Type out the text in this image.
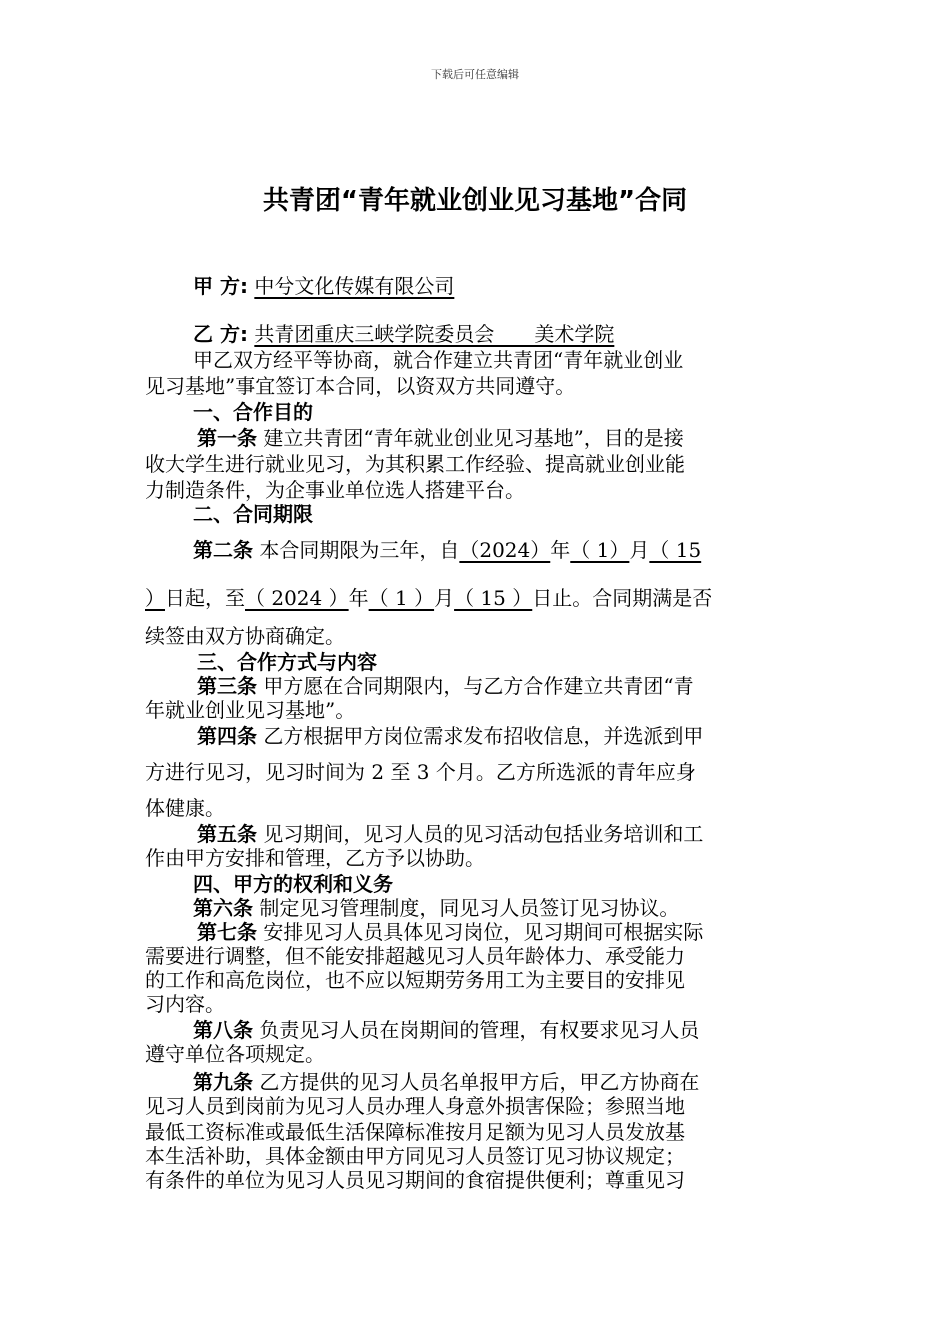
下载后可任意编辑
共青团“青年就业创业见习基地”合同
甲 方: 中兮文化传媒有限公司
乙 方: 共青团重庆三峡学院委员会　　美术学院
甲乙双方经平等协商，就合作建立共青团“青年就业创业
见习基地”事宜签订本合同，以资双方共同遵守。
一、合作目的
第一条 建立共青团“青年就业创业见习基地”，目的是接
收大学生进行就业见习，为其积累工作经验、提高就业创业能
力制造条件，为企事业单位选人搭建平台。
二、合同期限
第二条 本合同期限为三年，自（2024）年（ 1）月（ 15
）日起，至（ 2024 ）年（ 1 ）月（ 15 ）日止。合同期满是否
续签由双方协商确定。
三、合作方式与内容
第三条 甲方愿在合同期限内，与乙方合作建立共青团“青
年就业创业见习基地”。
第四条 乙方根据甲方岗位需求发布招收信息，并选派到甲
方进行见习，见习时间为 2 至 3 个月。乙方所选派的青年应身
体健康。
第五条 见习期间，见习人员的见习活动包括业务培训和工
作由甲方安排和管理，乙方予以协助。
四、甲方的权利和义务
第六条 制定见习管理制度，同见习人员签订见习协议。
第七条 安排见习人员具体见习岗位，见习期间可根据实际
需要进行调整，但不能安排超越见习人员年龄体力、承受能力
的工作和高危岗位，也不应以短期劳务用工为主要目的安排见
习内容。
第八条 负责见习人员在岗期间的管理，有权要求见习人员
遵守单位各项规定。
第九条 乙方提供的见习人员名单报甲方后，甲乙方协商在
见习人员到岗前为见习人员办理人身意外损害保险；参照当地
最低工资标准或最低生活保障标准按月足额为见习人员发放基
本生活补助，具体金额由甲方同见习人员签订见习协议规定；
有条件的单位为见习人员见习期间的食宿提供便利；尊重见习
